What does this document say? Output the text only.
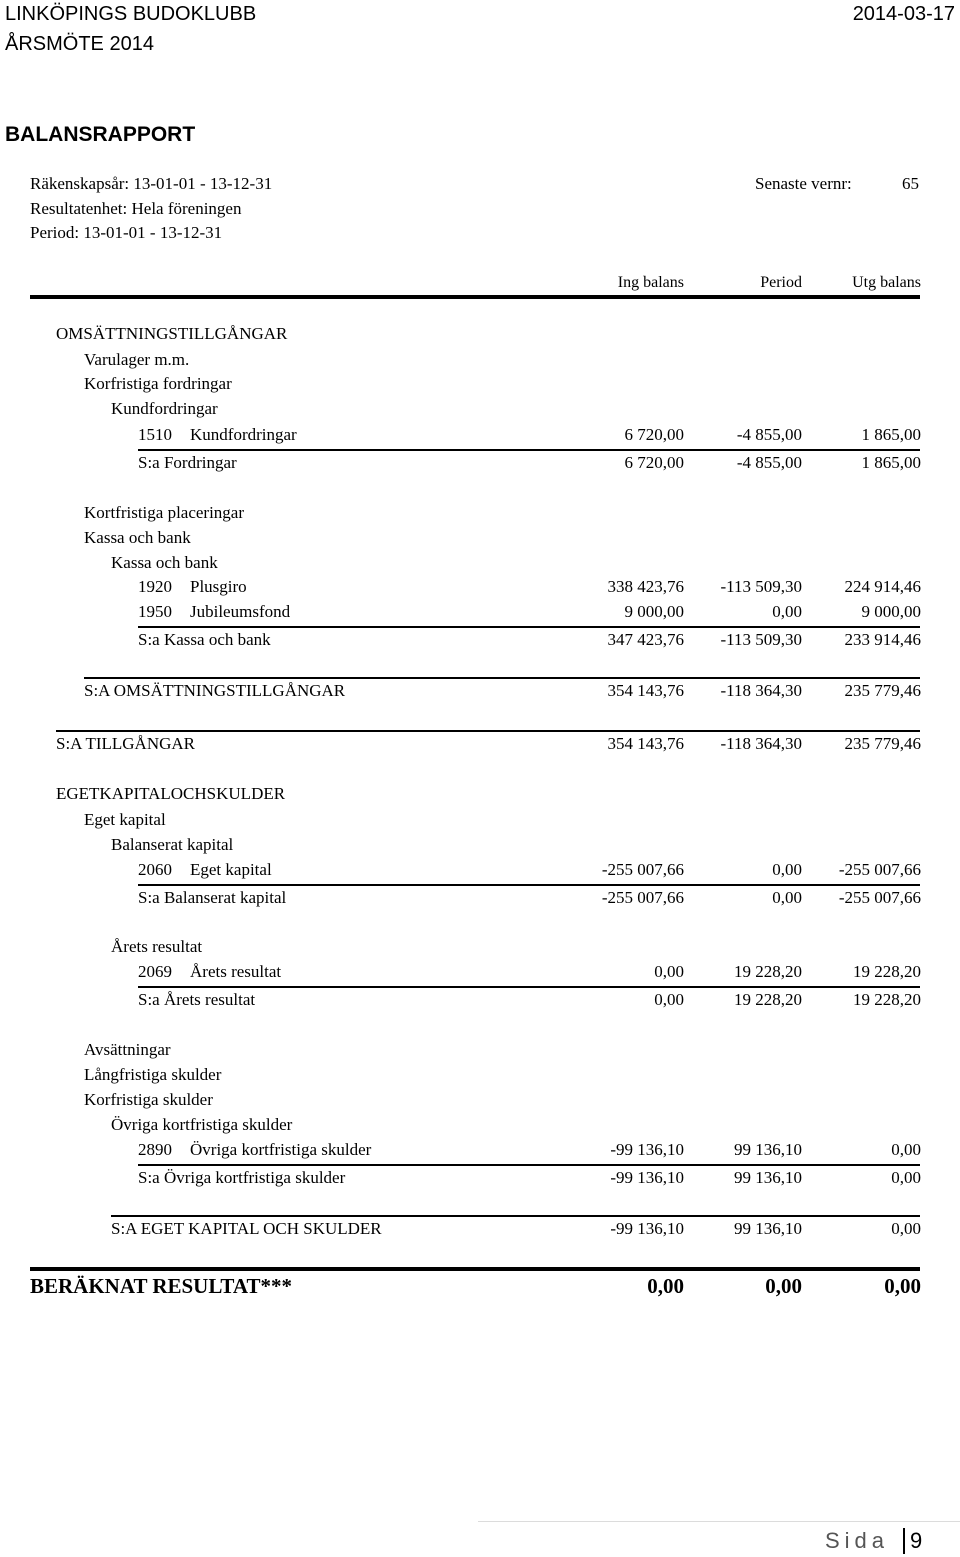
LINKÖPINGS BUDOKLUBB	2014-03-17
ÅRSMÖTE 2014
BALANSRAPPORT
Räkenskapsår: 13-01-01 - 13-12-31
Resultatenhet: Hela föreningen
Period: 13-01-01 - 13-12-31
Senaste vernr:	65
Ing balans	Period	Utg balans
OMSÄTTNINGSTILLGÅNGAR
Varulager m.m.
Korfristiga fordringar
Kundfordringar
1510 Kundfordringar	6 720,00	-4 855,00	1 865,00
S:a Fordringar	6 720,00	-4 855,00	1 865,00
Kortfristiga placeringar
Kassa och bank
Kassa och bank
1920 Plusgiro	338 423,76	-113 509,30	224 914,46
1950 Jubileumsfond	9 000,00	0,00	9 000,00
S:a Kassa och bank	347 423,76	-113 509,30	233 914,46
S:A OMSÄTTNINGSTILLGÅNGAR	354 143,76	-118 364,30	235 779,46
S:A TILLGÅNGAR	354 143,76	-118 364,30	235 779,46
EGETKAPITALOCHSKULDER
Eget kapital
Balanserat kapital
2060 Eget kapital	-255 007,66	0,00	-255 007,66
S:a Balanserat kapital	-255 007,66	0,00	-255 007,66
Årets resultat
2069 Årets resultat	0,00	19 228,20	19 228,20
S:a Årets resultat	0,00	19 228,20	19 228,20
Avsättningar
Långfristiga skulder
Korfristiga skulder
Övriga kortfristiga skulder
2890 Övriga kortfristiga skulder	-99 136,10	99 136,10	0,00
S:a Övriga kortfristiga skulder	-99 136,10	99 136,10	0,00
S:A EGET KAPITAL OCH SKULDER	-99 136,10	99 136,10	0,00
BERÄKNAT RESULTAT***	0,00	0,00	0,00
Sida 9
